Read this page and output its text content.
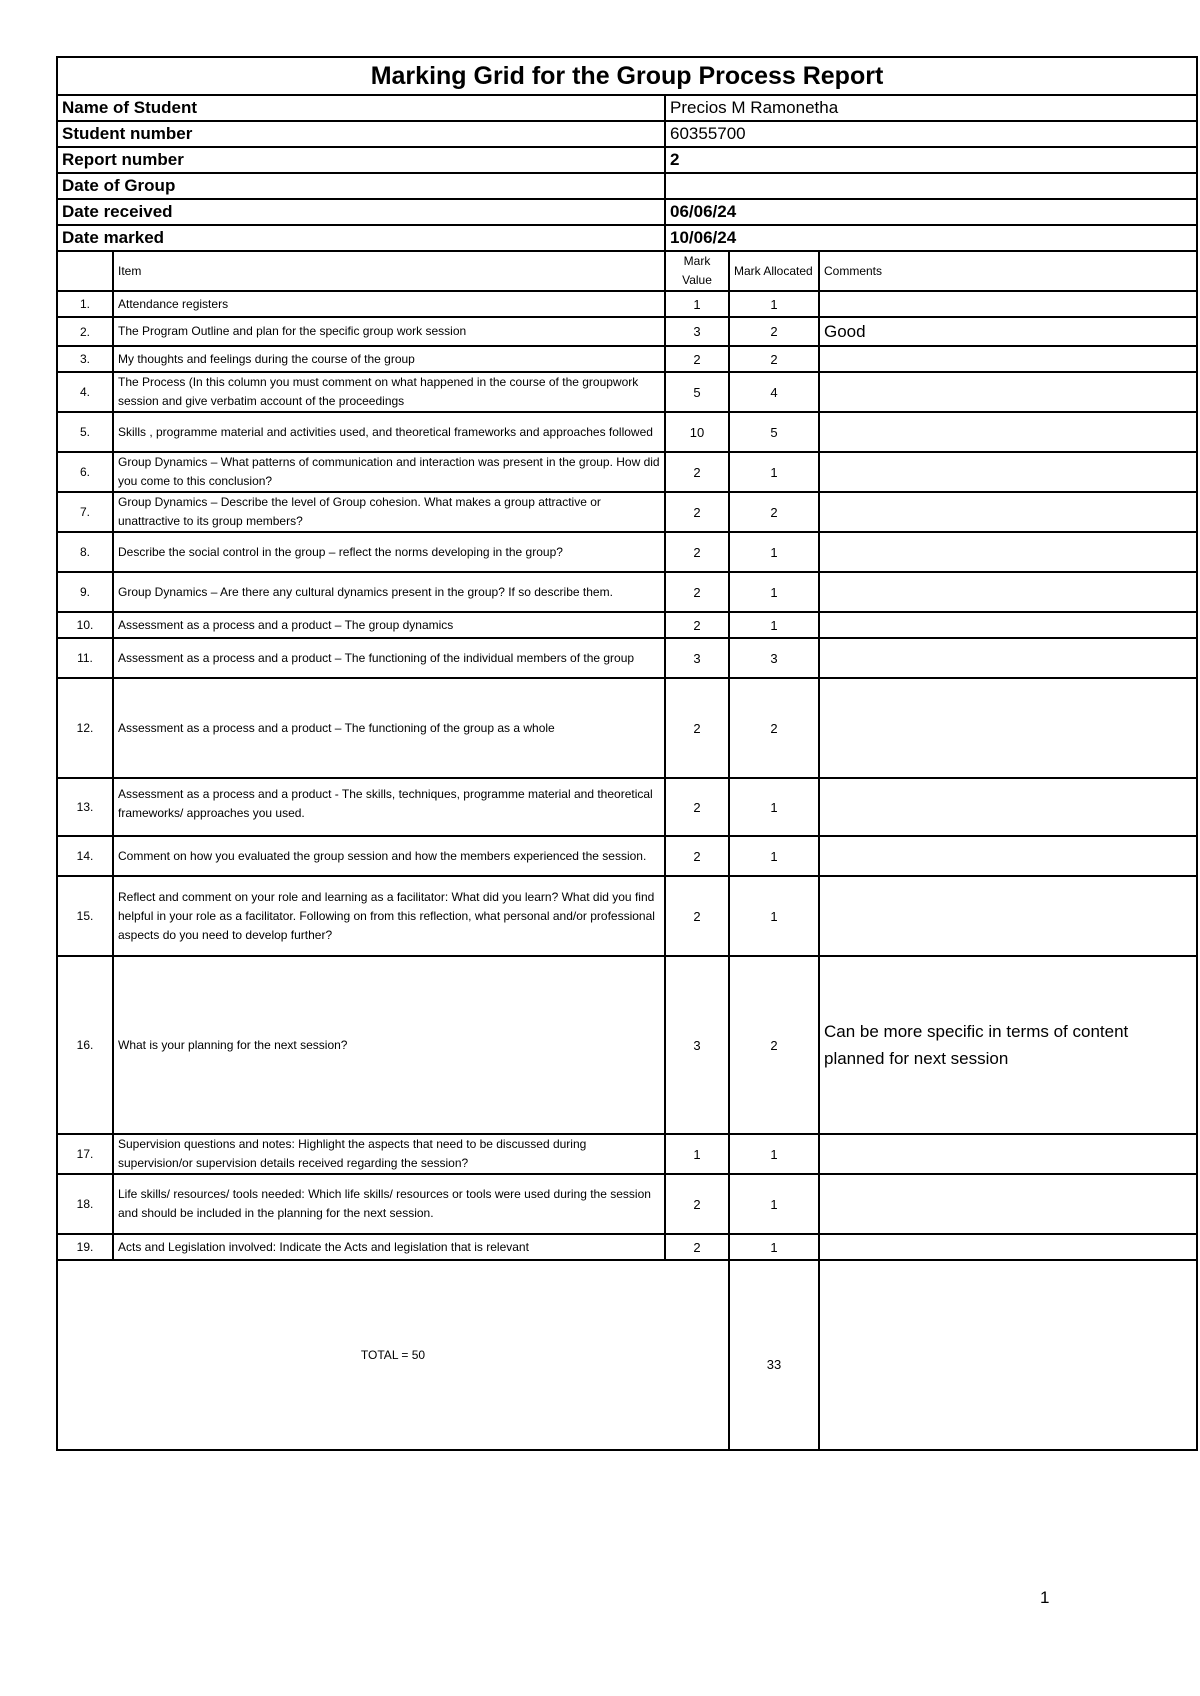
Marking Grid for the Group Process Report				
Name of Student		Precios M Ramonetha		
Student number		60355700		
Report number		2		
Date of Group				
Date received		06/06/24		
Date marked		10/06/24		
	Item	Mark Value	Mark Allocated	Comments
1.	Attendance registers	1	1	
2.	The Program Outline and plan for the specific group work session	3	2	Good
3.	My thoughts and feelings during the course of the group	2	2	
4.	The Process (In this column you must comment on what happened in the course of the groupwork session and give verbatim account of the proceedings	5	4	
5.	Skills , programme material and activities used, and theoretical frameworks and approaches followed	10	5	
6.	Group Dynamics – What patterns of communication and interaction was present in the group. How did you come to this conclusion?	2	1	
7.	Group Dynamics – Describe the level of Group cohesion. What makes a group attractive or unattractive to its group members?	2	2	
8.	Describe the social control in the group – reflect the norms developing in the group?	2	1	
9.	Group Dynamics – Are there any cultural dynamics present in the group? If so describe them.	2	1	
10.	Assessment as a process and a product – The group dynamics	2	1	
11.	Assessment as a process and a product – The functioning of the individual members of the group	3	3	
12.	Assessment as a process and a product – The functioning of the group as a whole	2	2	
13.	Assessment as a process and a product - The skills, techniques, programme material and theoretical frameworks/ approaches you used.	2	1	
14.	Comment on how you evaluated the group session and how the members experienced the session.	2	1	
15.	Reflect and comment on your role and learning as a facilitator: What did you learn? What did you find helpful in your role as a facilitator. Following on from this reflection, what personal and/or professional aspects do you need to develop further?	2	1	
16.	What is your planning for the next session?	3	2	Can be more specific in terms of content planned for next session
17.	Supervision questions and notes: Highlight the aspects that need to be discussed during supervision/or supervision details received regarding the session?	1	1	
18.	Life skills/ resources/ tools needed: Which life skills/ resources or tools were used during the session and should be included in the planning for the next session.	2	1	
19.	Acts and Legislation involved: Indicate the Acts and legislation that is relevant	2	1	
TOTAL = 50			33	
1
